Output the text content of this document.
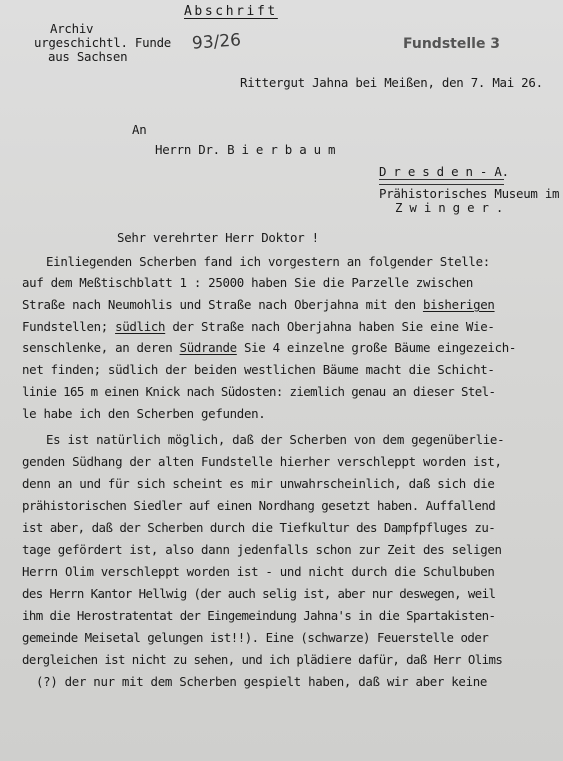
Abschrift
Archiv
urgeschichtl. Funde
aus Sachsen
93/26	Fundstelle 3
Rittergut Jahna bei Meißen, den 7. Mai 26.
An
Herrn Dr. B i e r b a u m
D r e s d e n - A.
Prähistorisches Museum im
Z w i n g e r .
Sehr verehrter Herr Doktor !
Einliegenden Scherben fand ich vorgestern an folgender Stelle:
auf dem Meßtischblatt 1 : 25000 haben Sie die Parzelle zwischen
Straße nach Neumohlis und Straße nach Oberjahna mit den bisherigen
Fundstellen; südlich der Straße nach Oberjahna haben Sie eine Wie-
senschlenke, an deren Südrande Sie 4 einzelne große Bäume eingezeich-
net finden; südlich der beiden westlichen Bäume macht die Schicht-
linie 165 m einen Knick nach Südosten: ziemlich genau an dieser Stel-
le habe ich den Scherben gefunden.
Es ist natürlich möglich, daß der Scherben von dem gegenüberlie-
genden Südhang der alten Fundstelle hierher verschleppt worden ist,
denn an und für sich scheint es mir unwahrscheinlich, daß sich die
prähistorischen Siedler auf einen Nordhang gesetzt haben. Auffallend
ist aber, daß der Scherben durch die Tiefkultur des Dampfpfluges zu-
tage gefördert ist, also dann jedenfalls schon zur Zeit des seligen
Herrn Olim verschleppt worden ist - und nicht durch die Schulbuben
des Herrn Kantor Hellwig (der auch selig ist, aber nur deswegen, weil
ihm die Herostratentat der Eingemeindung Jahna's in die Spartakisten-
gemeinde Meisetal gelungen ist!!). Eine (schwarze) Feuerstelle oder
dergleichen ist nicht zu sehen, und ich plädiere dafür, daß Herr Olims
(?) der nur mit dem Scherben gespielt haben, daß wir aber keine
